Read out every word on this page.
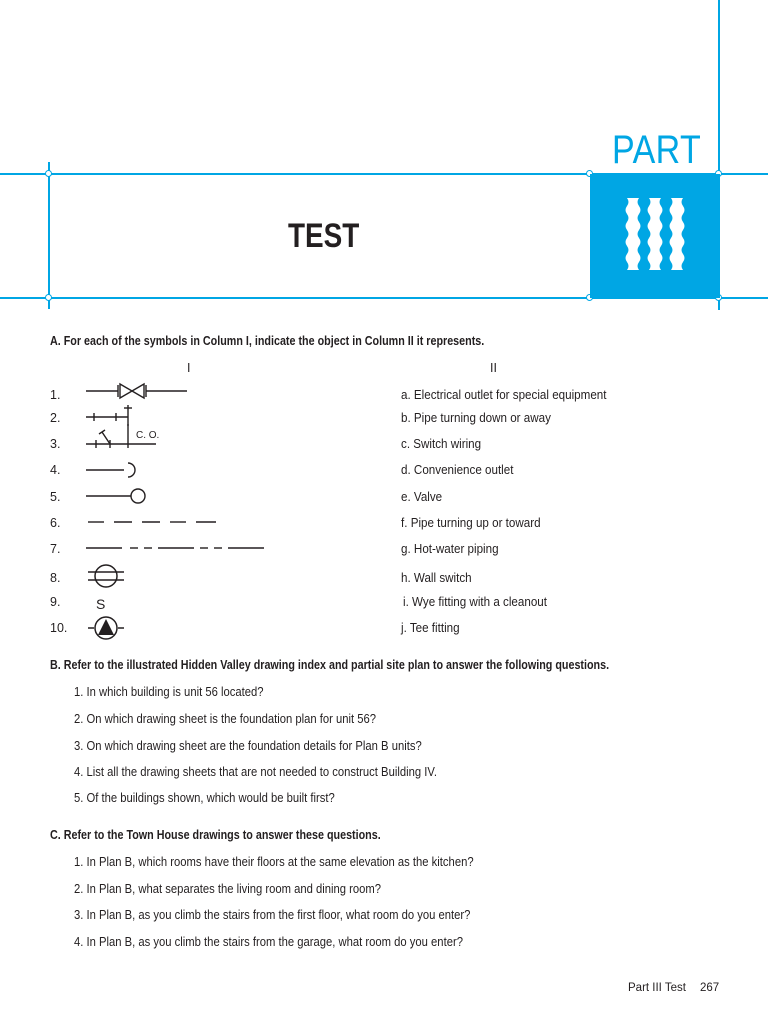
PART
TEST
A. For each of the symbols in Column I, indicate the object in Column II it represents.
I	II
1.
2.
3.
4.
5.
6.
7.
8.
9.
10.
C. O.
S
a. Electrical outlet for special equipment
b. Pipe turning down or away
c. Switch wiring
d. Convenience outlet
e. Valve
f. Pipe turning up or toward
g. Hot-water piping
h. Wall switch
i. Wye fitting with a cleanout
j. Tee fitting
B. Refer to the illustrated Hidden Valley drawing index and partial site plan to answer the following questions.
1. In which building is unit 56 located?
2. On which drawing sheet is the foundation plan for unit 56?
3. On which drawing sheet are the foundation details for Plan B units?
4. List all the drawing sheets that are not needed to construct Building IV.
5. Of the buildings shown, which would be built first?
C. Refer to the Town House drawings to answer these questions.
1. In Plan B, which rooms have their floors at the same elevation as the kitchen?
2. In Plan B, what separates the living room and dining room?
3. In Plan B, as you climb the stairs from the first floor, what room do you enter?
4. In Plan B, as you climb the stairs from the garage, what room do you enter?
Part III Test 267
